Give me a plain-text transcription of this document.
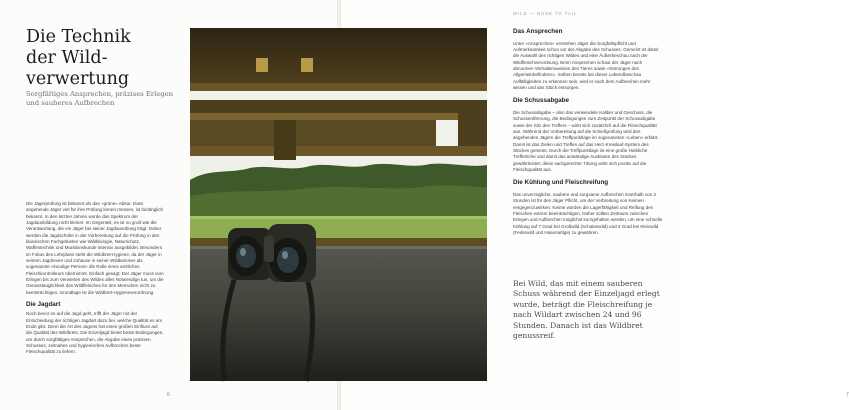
Die Technik
der Wild-
verwertung
Sorgfältiges Ansprechen, präzises Erlegen
und sauberes Aufbrechen

Die Jägerprüfung ist bekannt als das »grüne« Abitur. Dass angehende Jäger viel für ihre Prüfung lernen müssen, ist hinlänglich bekannt. In den letzten Jahren wurde das Spektrum der Jagdausbildung nicht kleiner. Im Gegenteil, es ist so groß wie die Verantwortung, die ein Jäger bei seiner Jagdausübung trägt. Daher werden die Jagdschüler in der Vorbereitung auf die Prüfung in den klassischen Fachgebieten wie Wildbiologie, Naturschutz, Waffentechnik und Munitionskunde intensiv ausgebildet. Besonders im Fokus des Lehrplans steht die Wildbret-Hygiene, da der Jäger in seinem Jagdrevier und zuhause in seiner Wildkammer als sogenannte »kundige Person« die Rolle eines amtlichen Fleischkontrolleurs übernimmt. Einfach gesagt: Der Jäger muss vom Erlegen bis zum Verwerten des Wildes alles Notwendige tun, um die Genusstauglichkeit des Wildfleisches für den Menschen nicht zu beeinträchtigen. Grundlage ist die Wildbret-Hygieneverordnung.

Die Jagdart

Noch bevor es auf die Jagd geht, trifft der Jäger mit der Entscheidung der richtigen Jagdart dazu bei, welche Qualität es am Ende gibt. Denn die Art des Jagens hat einen großen Einfluss auf die Qualität des Wildbrets. Die Einzeljagd bietet beste Bedingungen, um durch sorgfältiges Ansprechen, die Abgabe eines präzisen Schusses, zeitnahes und hygienisches Aufbrechen beste Fleischqualität zu liefern.

6
WILD — NOSE TO TAIL

Das Ansprechen

Unter »Ansprechen« verstehen Jäger die Sorgfaltspflicht und Aufmerksamkeit schon vor der Abgabe des Schusses. Gemeint ist damit die Auswahl des richtigen Wildes und eine Äußerbeschau nach der Wildfleischverordnung. Beim Ansprechen schaut der Jäger nach abnormen Verhaltensweisen des Tieres sowie »Störungen des Allgemeinbefindens«. Sollten bereits bei dieser Lebendbeschau Auffälligkeiten zu erkennen sein, wird er nach dem Aufbrechen mehr wissen und das Stück entsorgen.

Die Schussabgabe

Die Schussabgabe – also das verwendete Kaliber und Geschoss, die Schussentfernung, die Bedingungen zum Zeitpunkt der Schussabgabe sowie der Sitz des Treffers – wirkt sich zusätzlich auf die Fleischqualität aus. Während der Vorbereitung auf die Schießprüfung wird den angehenden Jägern die Treffpunktlage im sogenannten »Leben« erklärt. Damit ist das Zielen und Treffen auf das Herz-Kreislauf-System des Stückes gemeint. Durch die Treffpunktlage ist eine große Hiebliche Treffertiche und damit das anständige Ausbluten des Stückes gewährleistet; diese sachgerechte Tötung wirkt sich positiv auf die Fleischqualität aus.

Die Kühlung und Fleischreifung

Das unverzügliche, saubere und sorgsame Aufbrechen innerhalb von 2 Stunden ist für den Jäger Pflicht, um der Verbreitung von Keimen entgegenzuwirken. Keime würden die Lagerfähigkeit und Reifung des Fleisches extrem beeinträchtigen. Daher sollten Zeitraum zwischen Erlegen und Aufbrechen möglichst kurzgehalten werden, um eine schnelle Kühlung auf 7 Grad bei Großwild (Schalenwild) und 4 Grad bei Kleinwild (Federwild und Hasenartige) zu gewähren.

Bei Wild, das mit einem sauberen Schuss während der Einzeljagd erlegt wurde, beträgt die Fleischreifung je nach Wildart zwischen 24 und 96 Stunden. Danach ist das Wildbret genussreif.
7
